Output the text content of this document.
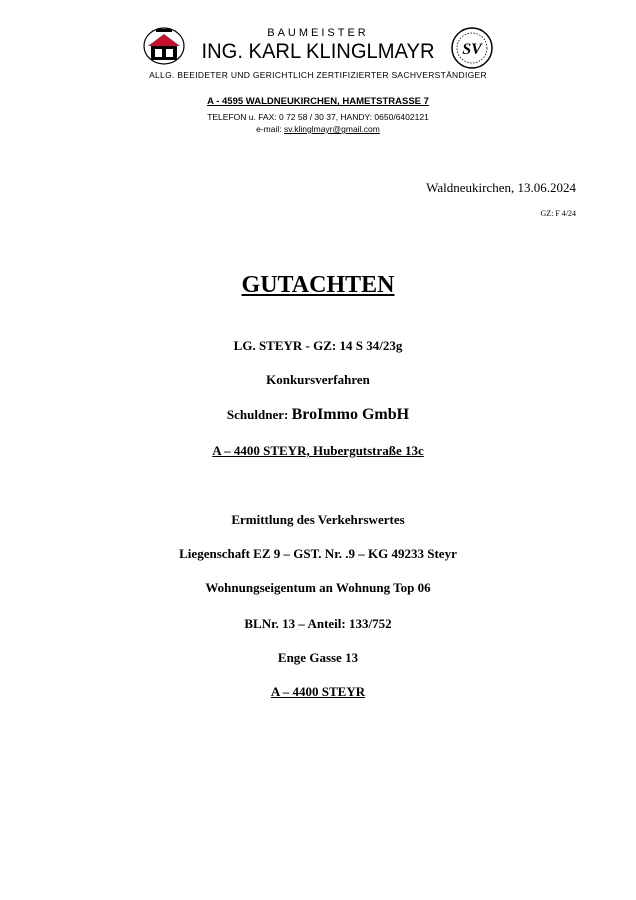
SV
BAUMEISTER
ING. KARL KLINGLMAYR
ALLG. BEEIDETER UND GERICHTLICH ZERTIFIZIERTER SACHVERSTÄNDIGER
A - 4595 WALDNEUKIRCHEN, HAMETSTRASSE 7
TELEFON u. FAX: 0 72 58 / 30 37, HANDY: 0650/6402121
e-mail: sv.klinglmayr@gmail.com
Waldneukirchen, 13.06.2024
GZ: F 4/24
GUTACHTEN
LG. STEYR - GZ: 14 S 34/23g
Konkursverfahren
Schuldner: BroImmo GmbH
A – 4400 STEYR, Hubergutstraße 13c
Ermittlung des Verkehrswertes
Liegenschaft EZ 9 – GST. Nr. .9 – KG 49233 Steyr
Wohnungseigentum an Wohnung Top 06
BLNr. 13 – Anteil: 133/752
Enge Gasse 13
A – 4400 STEYR
